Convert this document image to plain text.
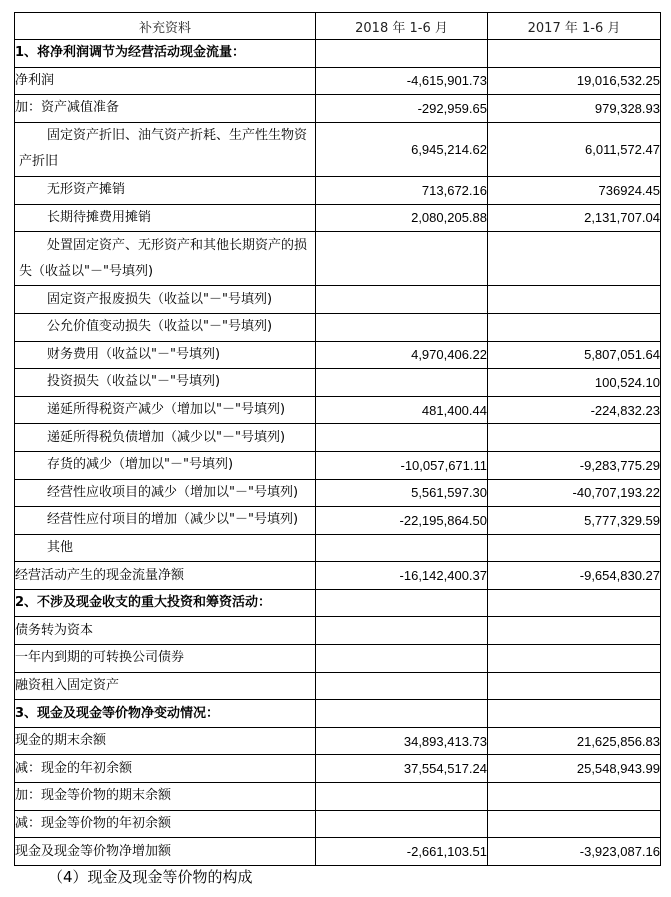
补充资料	2018 年 1-6 月	2017 年 1-6 月
1、将净利润调节为经营活动现金流量：		
净利润	-4,615,901.73	19,016,532.25
加：资产减值准备	-292,959.65	979,328.93
固定资产折旧、油气资产折耗、生产性生物资产折旧	6,945,214.62	6,011,572.47
无形资产摊销	713,672.16	736924.45
长期待摊费用摊销	2,080,205.88	2,131,707.04
处置固定资产、无形资产和其他长期资产的损失（收益以"－"号填列)		
固定资产报废损失（收益以"－"号填列)		
公允价值变动损失（收益以"－"号填列)		
财务费用（收益以"－"号填列)	4,970,406.22	5,807,051.64
投资损失（收益以"－"号填列)		100,524.10
递延所得税资产减少（增加以"－"号填列)	481,400.44	-224,832.23
递延所得税负债增加（减少以"－"号填列)		
存货的减少（增加以"－"号填列)	-10,057,671.11	-9,283,775.29
经营性应收项目的减少（增加以"－"号填列)	5,561,597.30	-40,707,193.22
经营性应付项目的增加（减少以"－"号填列)	-22,195,864.50	5,777,329.59
其他		
经营活动产生的现金流量净额	-16,142,400.37	-9,654,830.27
2、不涉及现金收支的重大投资和筹资活动：		
债务转为资本		
一年内到期的可转换公司债券		
融资租入固定资产		
3、现金及现金等价物净变动情况：		
现金的期末余额	34,893,413.73	21,625,856.83
减：现金的年初余额	37,554,517.24	25,548,943.99
加：现金等价物的期末余额		
减：现金等价物的年初余额		
现金及现金等价物净增加额	-2,661,103.51	-3,923,087.16
（4）现金及现金等价物的构成
